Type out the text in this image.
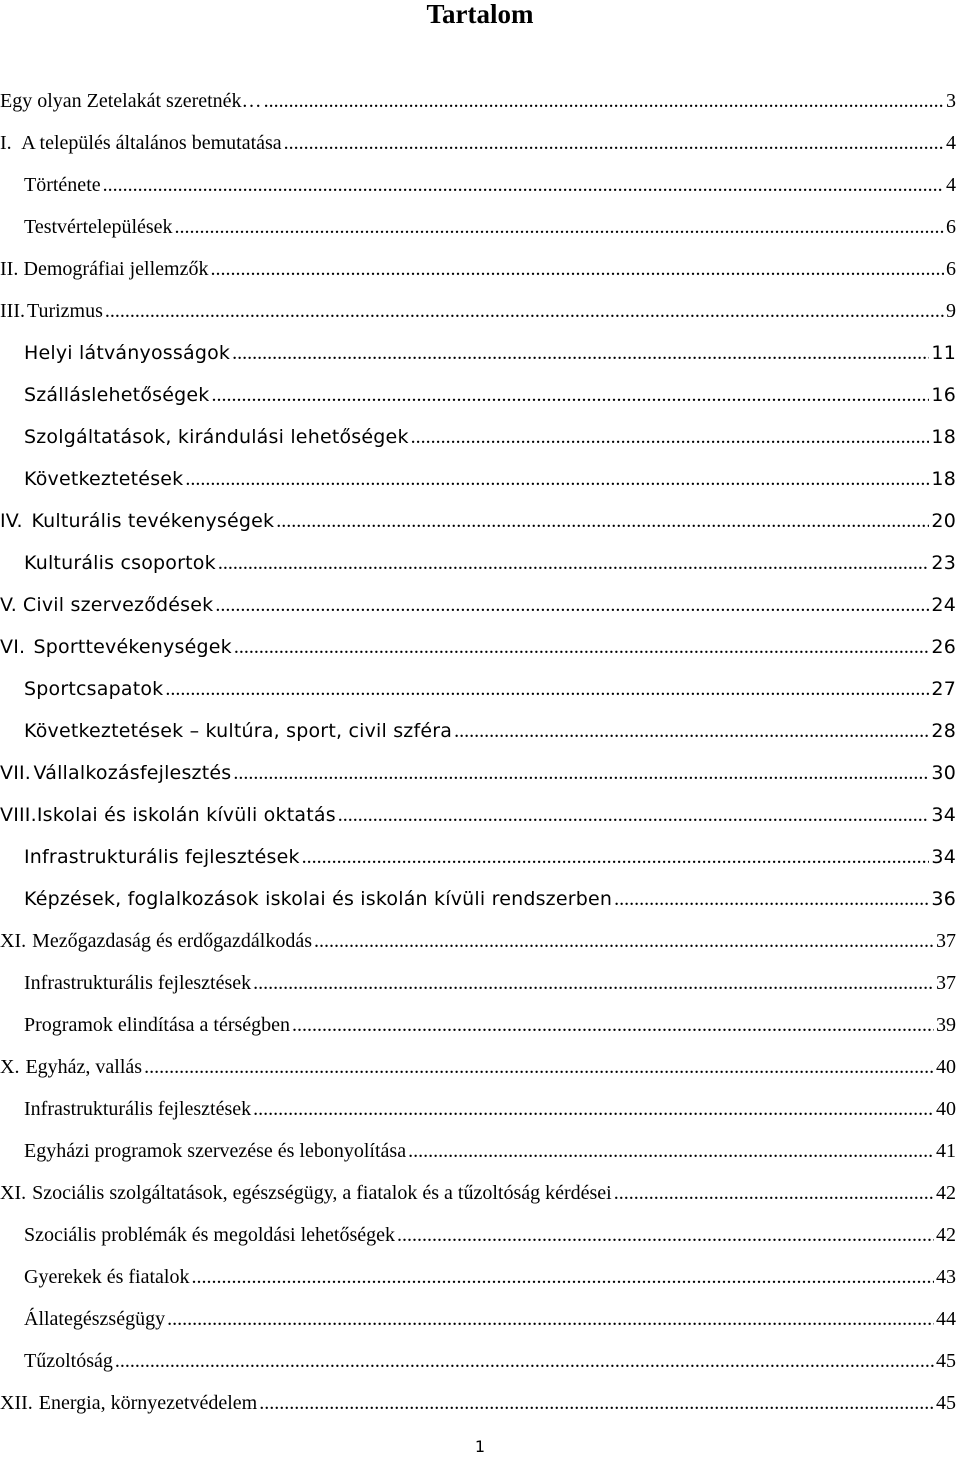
Tartalom
Egy olyan Zetelakát szeretnék… .....	3
I. A település általános bemutatása .....	4
Története .....	4
Testvértelepülések .....	6
II. Demográfiai jellemzők .....	6
III. Turizmus .....	9
Helyi látványosságok .....	11
Szálláslehetőségek .....	16
Szolgáltatások, kirándulási lehetőségek .....	18
Következtetések .....	18
IV. Kulturális tevékenységek .....	20
Kulturális csoportok .....	23
V. Civil szerveződések .....	24
VI. Sporttevékenységek .....	26
Sportcsapatok .....	27
Következtetések – kultúra, sport, civil szféra .....	28
VII. Vállalkozásfejlesztés .....	30
VIII. Iskolai és iskolán kívüli oktatás .....	34
Infrastrukturális fejlesztések .....	34
Képzések, foglalkozások iskolai és iskolán kívüli rendszerben .....	36
XI. Mezőgazdaság és erdőgazdálkodás .....	37
Infrastrukturális fejlesztések .....	37
Programok elindítása a térségben .....	39
X. Egyház, vallás .....	40
Infrastrukturális fejlesztések .....	40
Egyházi programok szervezése és lebonyolítása .....	41
XI. Szociális szolgáltatások, egészségügy, a fiatalok és a tűzoltóság kérdései .....	42
Szociális problémák és megoldási lehetőségek .....	42
Gyerekek és fiatalok .....	43
Állategészségügy .....	44
Tűzoltóság .....	45
XII. Energia, környezetvédelem .....	45
1
